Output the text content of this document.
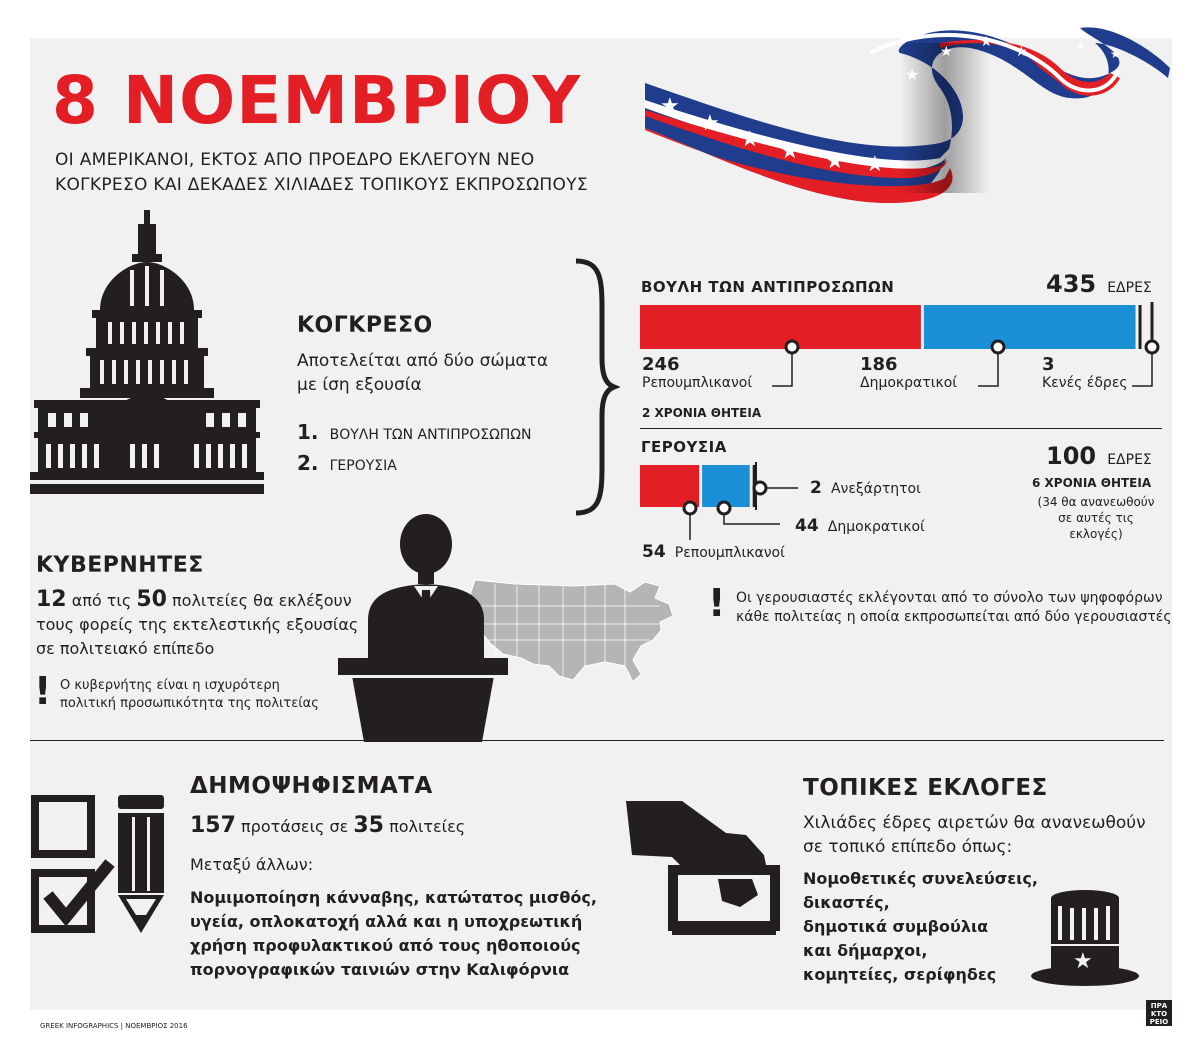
8 ΝΟΕΜΒΡΙΟΥ
ΟΙ ΑΜΕΡΙΚΑΝΟΙ, ΕΚΤΟΣ ΑΠΟ ΠΡΟΕΔΡΟ ΕΚΛΕΓΟΥΝ ΝΕΟ
ΚΟΓΚΡΕΣΟ ΚΑΙ ΔΕΚΑΔΕΣ ΧΙΛΙΑΔΕΣ ΤΟΠΙΚΟΥΣ ΕΚΠΡΟΣΩΠΟΥΣ
★
★
★ ★ ★ ★
★
★
★
★	★
★
ΚΟΓΚΡΕΣΟ
Αποτελείται από δύο σώματα
με ίση εξουσία
1. ΒΟΥΛΗ ΤΩΝ ΑΝΤΙΠΡΟΣΩΠΩΝ
2. ΓΕΡΟΥΣΙΑ
ΒΟΥΛΗ ΤΩΝ ΑΝΤΙΠΡΟΣΩΠΩΝ	435 ΕΔΡΕΣ
246
Ρεπουμπλικανοί
186
Δημοκρατικοί
3
Κενές έδρες
2 ΧΡΟΝΙΑ ΘΗΤΕΙΑ
ΓΕΡΟΥΣΙΑ	100 ΕΔΡΕΣ
6 ΧΡΟΝΙΑ ΘΗΤΕΙΑ
(34 θα ανανεωθούν
σε αυτές τις εκλογές)
2 Ανεξάρτητοι
44 Δημοκρατικοί
54 Ρεπουμπλικανοί
! Οι γερουσιαστές εκλέγονται από το σύνολο των ψηφοφόρων
κάθε πολιτείας η οποία εκπροσωπείται από δύο γερουσιαστές
ΚΥΒΕΡΝΗΤΕΣ
12 από τις 50 πολιτείες θα εκλέξουν
τους φορείς της εκτελεστικής εξουσίας
σε πολιτειακό επίπεδο
! Ο κυβερνήτης είναι η ισχυρότερη
πολιτική προσωπικότητα της πολιτείας
ΔΗΜΟΨΗΦΙΣΜΑΤΑ
157 προτάσεις σε 35 πολιτείες
Μεταξύ άλλων:
Νομιμοποίηση κάνναβης, κατώτατος μισθός,
υγεία, οπλοκατοχή αλλά και η υποχρεωτική
χρήση προφυλακτικού από τους ηθοποιούς
πορνογραφικών ταινιών στην Καλιφόρνια
ΤΟΠΙΚΕΣ ΕΚΛΟΓΕΣ
Χιλιάδες έδρες αιρετών θα ανανεωθούν
σε τοπικό επίπεδο όπως:
Νομοθετικές συνελεύσεις,
δικαστές,
δημοτικά συμβούλια
και δήμαρχοι,
κομητείες, σερίφηδες
★
GREEK INFOGRAPHICS | ΝΟΕΜΒΡΙΟΣ 2016
ΠΡΑ
ΚΤΟ
ΡΕΙΟ
